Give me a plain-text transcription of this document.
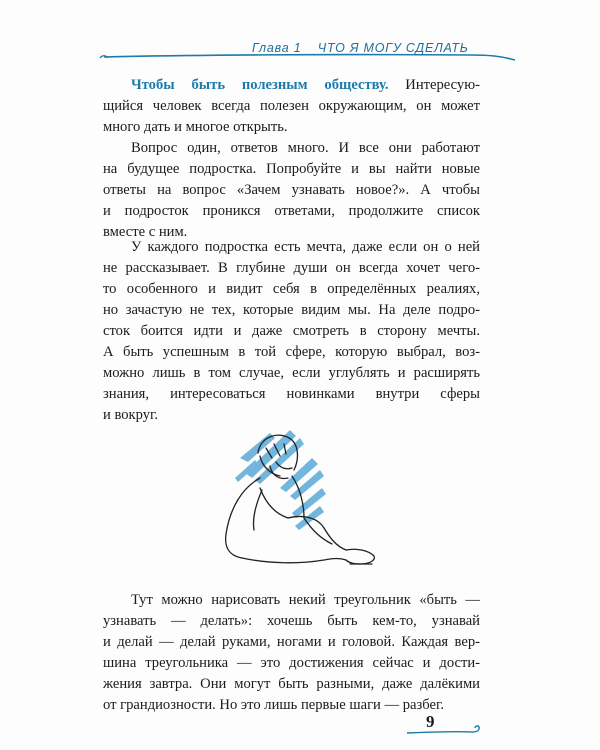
Глава 1 ЧТО Я МОГУ СДЕЛАТЬ
Чтобы быть полезным обществу. Интересую-
щийся человек всегда полезен окружающим, он может
много дать и многое открыть.
Вопрос один, ответов много. И все они работают
на будущее подростка. Попробуйте и вы найти новые
ответы на вопрос «Зачем узнавать новое?». А чтобы
и подросток проникся ответами, продолжите список
вместе с ним.
У каждого подростка есть мечта, даже если он о ней
не рассказывает. В глубине души он всегда хочет чего-
то особенного и видит себя в определённых реалиях,
но зачастую не тех, которые видим мы. На деле подро-
сток боится идти и даже смотреть в сторону мечты.
А быть успешным в той сфере, которую выбрал, воз-
можно лишь в том случае, если углублять и расширять
знания, интересоваться новинками внутри сферы
и вокруг.
Тут можно нарисовать некий треугольник «быть —
узнавать — делать»: хочешь быть кем-то, узнавай
и делай — делай руками, ногами и головой. Каждая вер-
шина треугольника — это достижения сейчас и дости-
жения завтра. Они могут быть разными, даже далёкими
от грандиозности. Но это лишь первые шаги — разбег.
9
